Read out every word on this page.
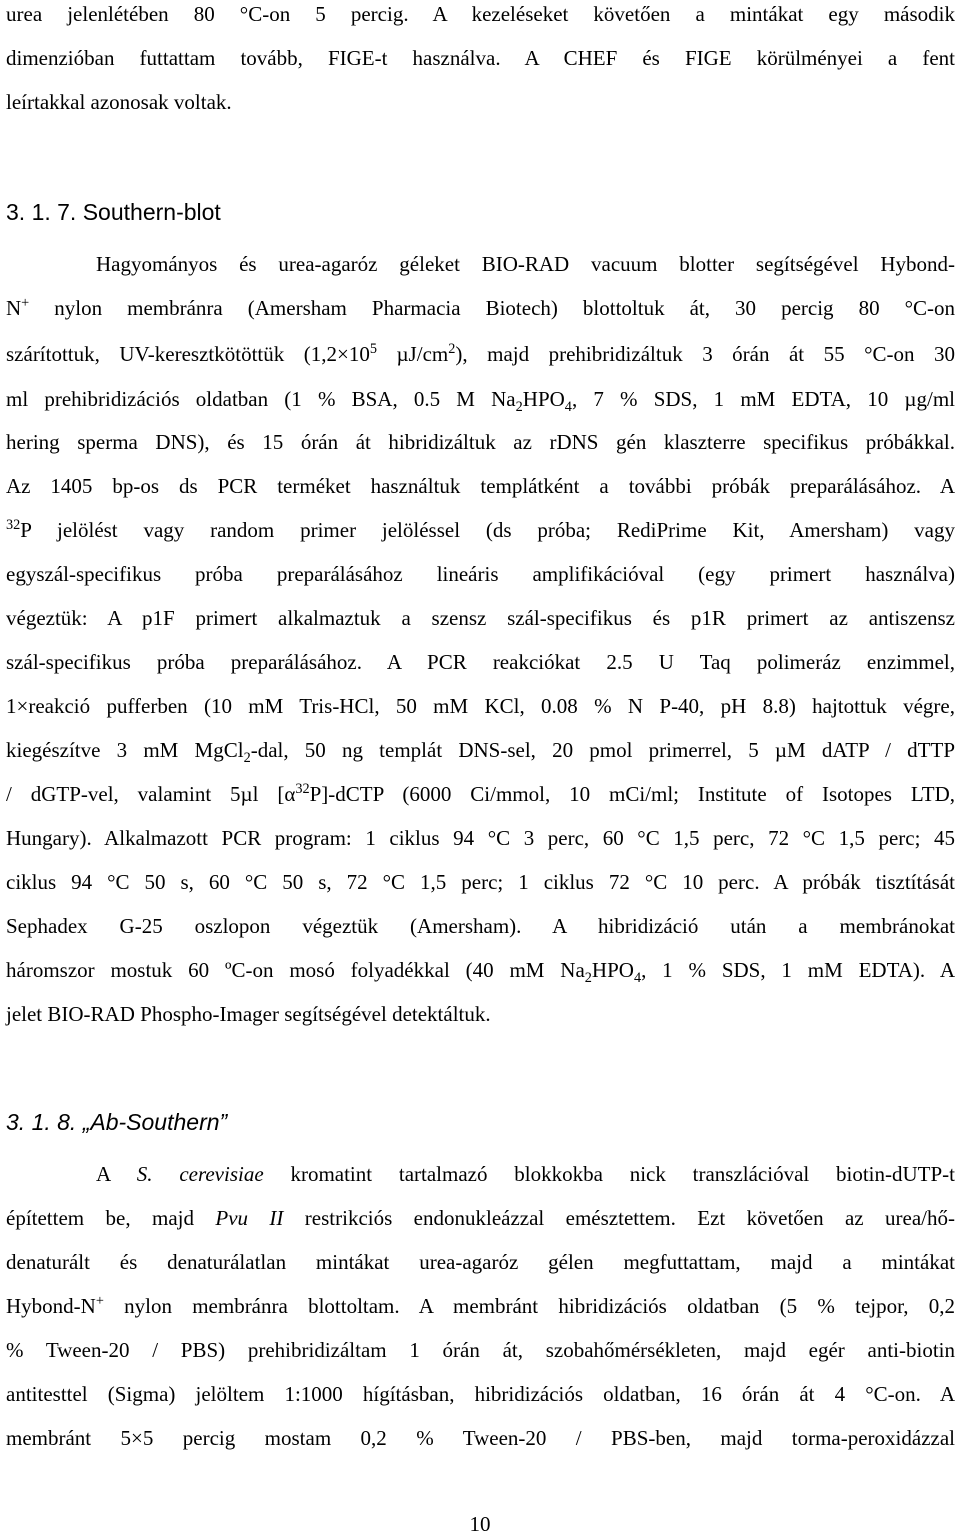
urea jelenlétében 80 °C-on 5 percig. A kezeléseket követően a mintákat egy második
dimenzióban futtattam tovább, FIGE-t használva. A CHEF és FIGE körülményei a fent
leírtakkal azonosak voltak.
3. 1. 7. Southern-blot
Hagyományos és urea-agaróz géleket BIO-RAD vacuum blotter segítségével Hybond-
N+ nylon membránra (Amersham Pharmacia Biotech) blottoltuk át, 30 percig 80 °C-on
szárítottuk, UV-keresztkötöttük ($1,2\times 10^5$ $\mu J/cm^2$), majd prehibridizáltuk 3 órán át 55 °C-on 30
ml prehibridizációs oldatban (1 % BSA, 0.5 M $Na_2HPO_4$, 7 % SDS, 1 mM EDTA, 10 µg/ml
hering sperma DNS), és 15 órán át hibridizáltuk az rDNS gén klaszterre specifikus próbákkal.
Az 1405 bp-os ds PCR terméket használtuk templátként a további próbák preparálásához. A
$^{32}$P jelölést vagy random primer jelöléssel (ds próba; RediPrime Kit, Amersham) vagy
egyszál-specifikus próba preparálásához lineáris amplifikációval (egy primert használva)
végeztük: A p1F primert alkalmaztuk a szensz szál-specifikus és p1R primert az antiszensz
szál-specifikus próba preparálásához. A PCR reakciókat 2.5 U Taq polimeráz enzimmel,
1×reakció pufferben (10 mM Tris-HCl, 50 mM KCl, 0.08 % N P-40, pH 8.8) hajtottuk végre,
kiegészítve 3 mM MgCl$_2$-dal, 50 ng templát DNS-sel, 20 pmol primerrel, 5 µM dATP / dTTP
/ dGTP-vel, valamint 5µl $[\alpha^{32}P]$-dCTP (6000 Ci/mmol, 10 mCi/ml; Institute of Isotopes LTD,
Hungary). Alkalmazott PCR program: 1 ciklus 94 °C 3 perc, 60 °C 1,5 perc, 72 °C 1,5 perc; 45
ciklus 94 °C 50 s, 60 °C 50 s, 72 °C 1,5 perc; 1 ciklus 72 °C 10 perc. A próbák tisztítását
Sephadex G-25 oszlopon végeztük (Amersham). A hibridizáció után a membránokat
háromszor mostuk 60 ºC-on mosó folyadékkal (40 mM $Na_2HPO_4$, 1 % SDS, 1 mM EDTA). A
jelet BIO-RAD Phospho-Imager segítségével detektáltuk.
3. 1. 8. „Ab-Southern”
A S. cerevisiae kromatint tartalmazó blokkokba nick transzlációval biotin-dUTP-t
építettem be, majd Pvu II restrikciós endonukleázzal emésztettem. Ezt követően az urea/hő-
denaturált és denaturálatlan mintákat urea-agaróz gélen megfuttattam, majd a mintákat
Hybond-N+ nylon membránra blottoltam. A membránt hibridizációs oldatban (5 % tejpor, 0,2
% Tween-20 / PBS) prehibridizáltam 1 órán át, szobahőmérsékleten, majd egér anti-biotin
antitesttel (Sigma) jelöltem 1:1000 hígításban, hibridizációs oldatban, 16 órán át 4 °C-on. A
membránt 5×5 percig mostam 0,2 % Tween-20 / PBS-ben, majd torma-peroxidázzal
10
